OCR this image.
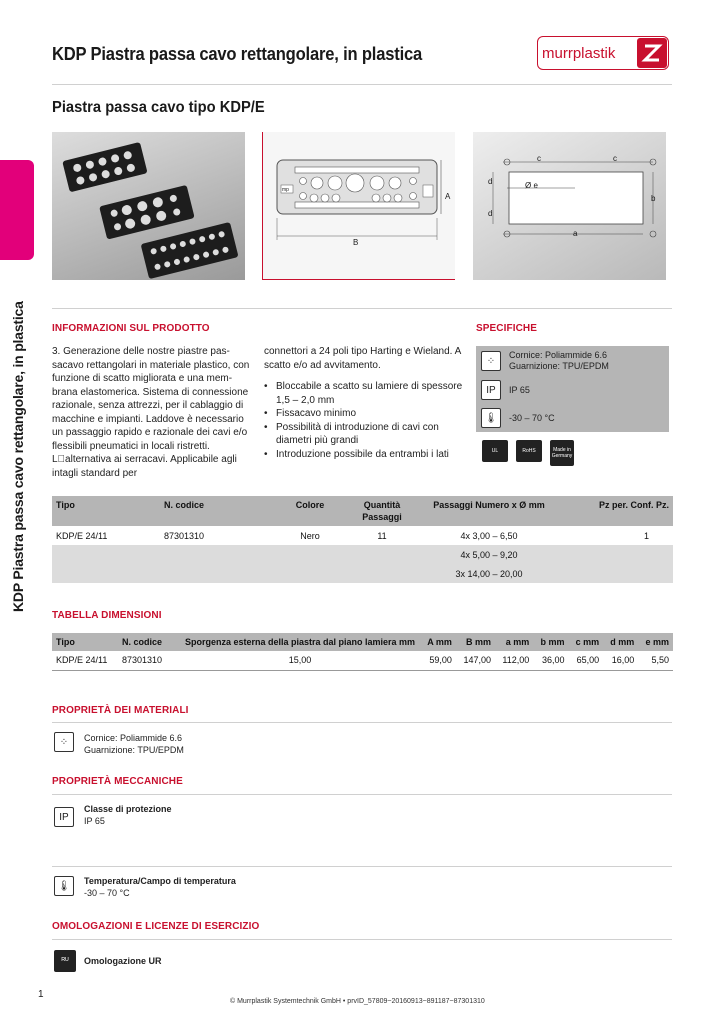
KDP Piastra passa cavo rettangolare, in plastica	murrplastik
Piastra passa cavo tipo KDP/E
KDP Piastra passa cavo rettangolare, in plastica
mp
A
B
c	c
d
d
Ø e
b
a
INFORMAZIONI SUL PRODOTTO
3. Generazione delle nostre piastre pas-sacavo rettangolari in materiale plastico, con funzione di scatto migliorata e una mem-brana elastomerica. Sistema di connessione razionale, senza attrezzi, per il cablaggio di macchine e impianti. Laddove è necessario un passaggio rapido e razionale dei cavi e/o flessibili pneumatici in locali ristretti. L alternativa ai serracavi. Applicabile agli intagli standard per
connettori a 24 poli tipo Harting e Wieland. A scatto e/o ad avvitamento.
• Bloccabile a scatto su lamiere di spessore 1,5 – 2,0 mm
• Fissacavo minimo
• Possibilità di introduzione di cavi con diametri più grandi
• Introduzione possibile da entrambi i lati
SPECIFICHE
⁘
Cornice: Poliammide 6.6
Guarnizione: TPU/EPDM
IP	IP 65
🌡	-30 – 70 °C
UL	RoHS	Made in Germany
Tipo	N. codice	Colore	Quantità Passaggi	Passaggi Numero x Ø mm	Pz per. Conf. Pz.
KDP/E 24/11	87301310	Nero	11	4x 3,00 – 6,50	1
				4x 5,00 – 9,20	
				3x 14,00 – 20,00	
TABELLA DIMENSIONI
Tipo	N. codice	Sporgenza esterna della piastra dal piano lamiera mm	A mm	B mm	a mm	b mm	c mm	d mm	e mm
KDP/E 24/11	87301310	15,00	59,00	147,00	112,00	36,00	65,00	16,00	5,50
PROPRIETÀ DEI MATERIALI
⁘	Cornice: Poliammide 6.6
Guarnizione: TPU/EPDM
PROPRIETÀ MECCANICHE
IP
Classe di protezione
IP 65
🌡	Temperatura/Campo di temperatura
-30 – 70 °C
OMOLOGAZIONI E LICENZE DI ESERCIZIO
ᴿᵁ	Omologazione UR
1
© Murrplastik Systemtechnik GmbH • prvID_57809~20160913~891187~87301310
